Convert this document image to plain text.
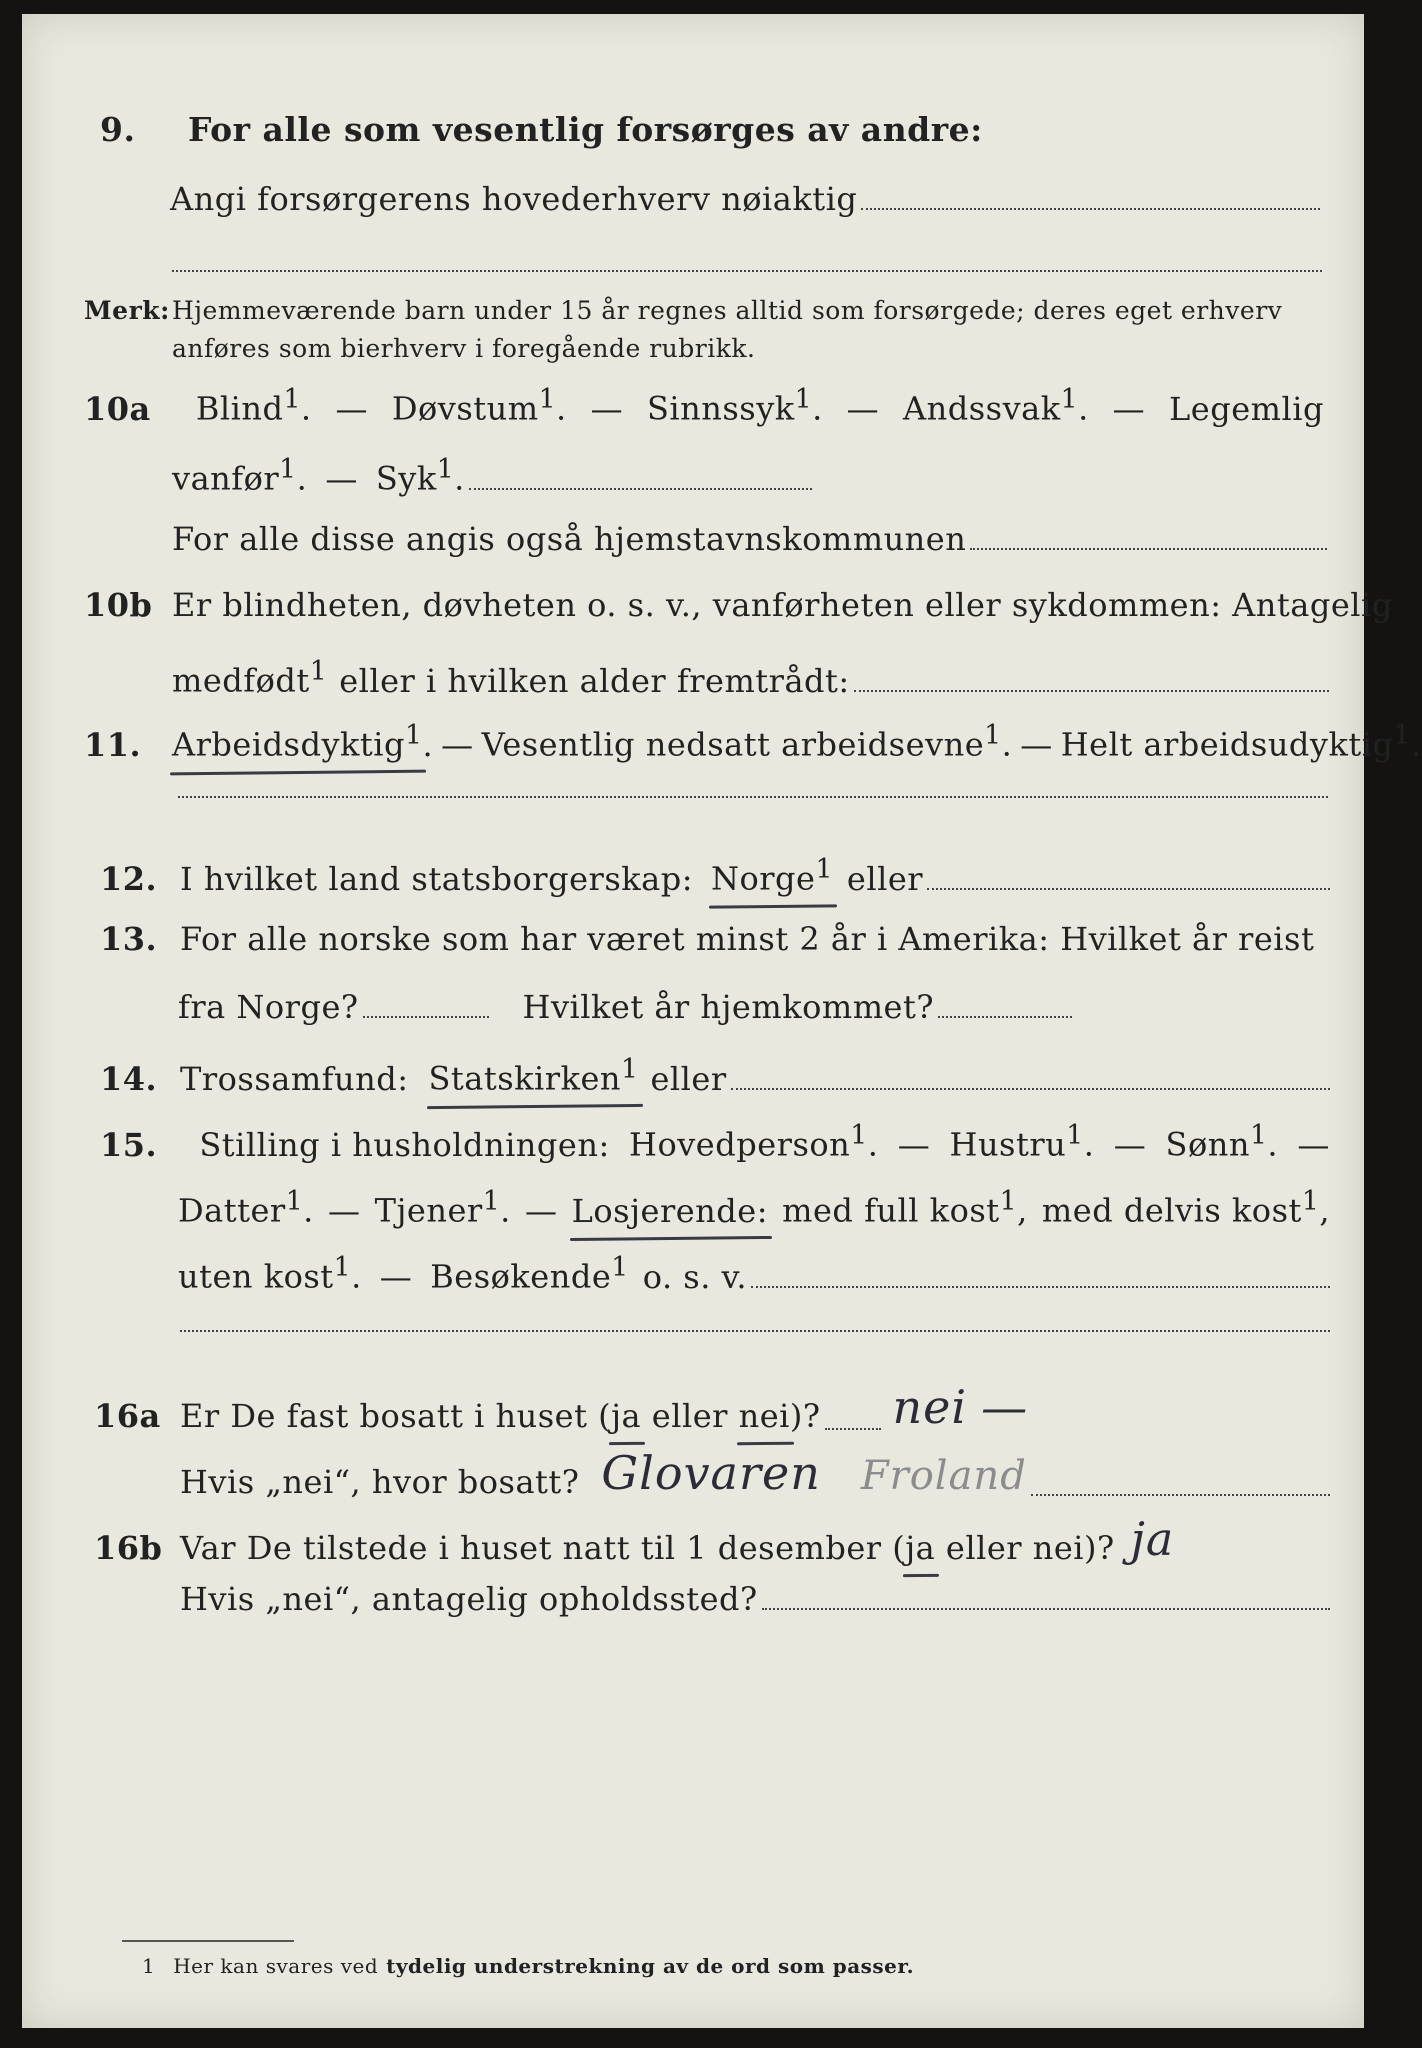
9.	For alle som vesentlig forsørges av andre:
Angi forsørgerens hovederhverv nøiaktig
Merk: Hjemmeværende barn under 15 år regnes alltid som forsørgede; deres eget erhverv
anføres som bierhverv i foregående rubrikk.
10a	Blind$^1$. — Døvstum$^1$. — Sinnssyk$^1$. — Andssvak$^1$. — Legemlig
vanfør$^1$. — Syk$^1$.
For alle disse angis også hjemstavnskommunen
10b Er blindheten, døvheten o. s. v., vanførheten eller sykdommen: Antagelig
medfødt$^1$ eller i hvilken alder fremtrådt:
11. Arbeidsdyktig$^1$ . — Vesentlig nedsatt arbeidsevne$^1$. — Helt arbeidsudyktig$^1$.
12. I hvilket land statsborgerskap: Norge$^1$ eller
13. For alle norske som har været minst 2 år i Amerika: Hvilket år reist
fra Norge?	Hvilket år hjemkommet?
14. Trossamfund: Statskirken$^1$ eller
15.	Stilling i husholdningen: Hovedperson$^1$. — Hustru$^1$. — Sønn$^1$. —
Datter$^1$. — Tjener$^1$. — Losjerende: med full kost$^1$, med delvis kost$^1$,
uten kost$^1$. — Besøkende$^1$ o. s. v.
16a Er De fast bosatt i huset (ja eller nei)? nei —
Hvis „nei“, hvor bosatt? Glovaren Froland
16b Var De tilstede i huset natt til 1 desember (ja eller nei)? ja
Hvis „nei“, antagelig opholdssted?
1 Her kan svares ved tydelig understrekning av de ord som passer.
